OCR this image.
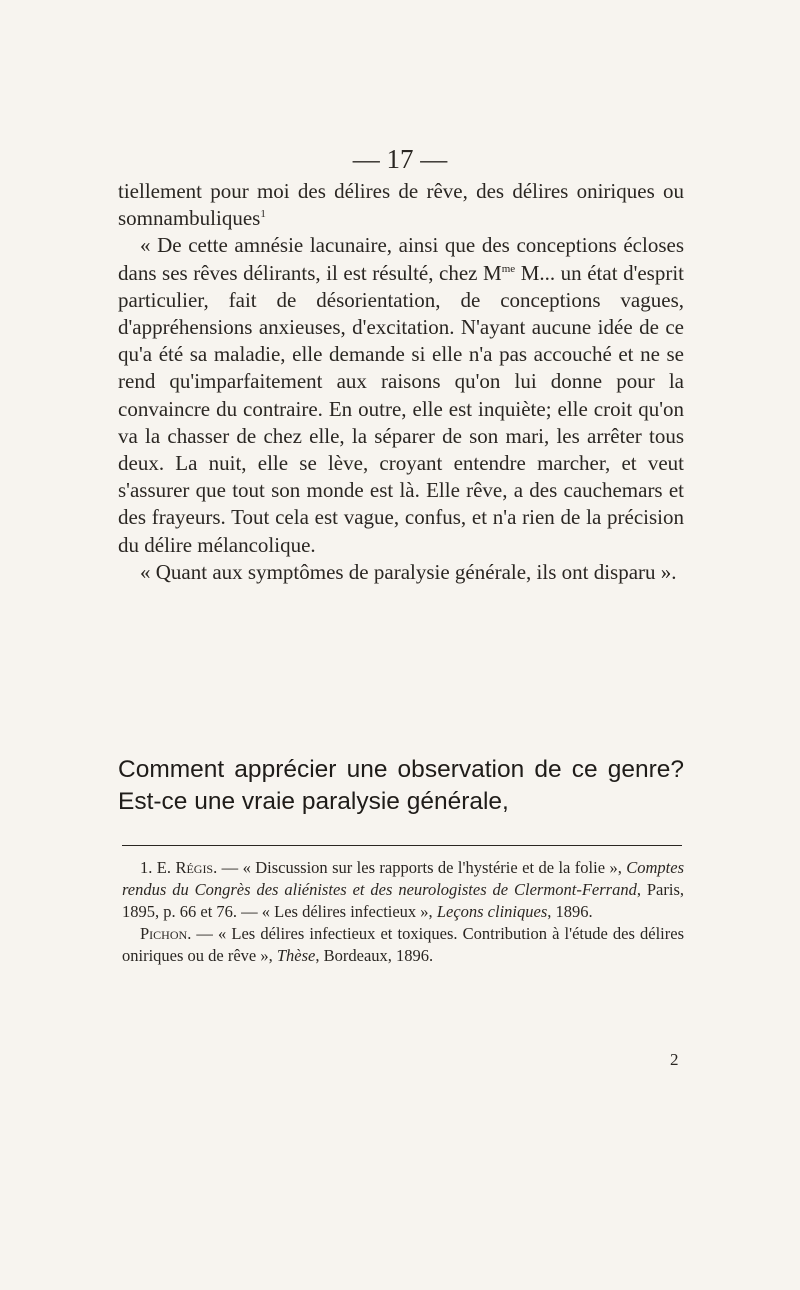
— 17 —

tiellement pour moi des délires de rêve, des délires oniriques ou somnambuliques$^1$

« De cette amnésie lacunaire, ainsi que des conceptions écloses dans ses rêves délirants, il est résulté, chez $M^{me}$ M... un état d'esprit particulier, fait de désorientation, de conceptions vagues, d'appréhensions anxieuses, d'excitation. N'ayant aucune idée de ce qu'a été sa maladie, elle demande si elle n'a pas accouché et ne se rend qu'imparfaitement aux raisons qu'on lui donne pour la convaincre du contraire. En outre, elle est inquiète; elle croit qu'on va la chasser de chez elle, la séparer de son mari, les arrêter tous deux. La nuit, elle se lève, croyant entendre marcher, et veut s'assurer que tout son monde est là. Elle rêve, a des cauchemars et des frayeurs. Tout cela est vague, confus, et n'a rien de la précision du délire mélancolique.

« Quant aux symptômes de paralysie générale, ils ont disparu ».

Comment apprécier une observation de ce genre? Est-ce une vraie paralysie générale,

1. E. Régis. — « Discussion sur les rapports de l'hystérie et de la folie », Comptes rendus du Congrès des aliénistes et des neurologistes de Clermont-Ferrand, Paris, 1895, p. 66 et 76. — « Les délires infectieux », Leçons cliniques, 1896.

Pichon. — « Les délires infectieux et toxiques. Contribution à l'étude des délires oniriques ou de rêve », Thèse, Bordeaux, 1896.

2
